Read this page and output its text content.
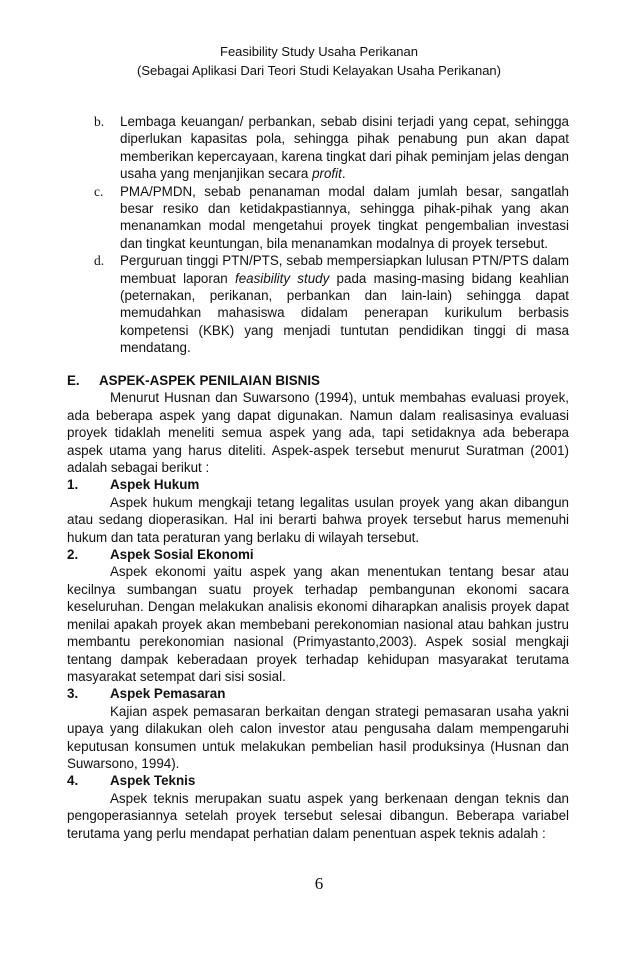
Feasibility Study Usaha Perikanan
(Sebagai Aplikasi Dari Teori Studi Kelayakan Usaha Perikanan)
b. Lembaga keuangan/ perbankan, sebab disini terjadi yang cepat, sehingga diperlukan kapasitas pola, sehingga pihak penabung pun akan dapat memberikan kepercayaan, karena tingkat dari pihak peminjam jelas dengan usaha yang menjanjikan secara profit.
c. PMA/PMDN, sebab penanaman modal dalam jumlah besar, sangatlah besar resiko dan ketidakpastiannya, sehingga pihak-pihak yang akan menanamkan modal mengetahui proyek tingkat pengembalian investasi dan tingkat keuntungan, bila menanamkan modalnya di proyek tersebut.
d. Perguruan tinggi PTN/PTS, sebab mempersiapkan lulusan PTN/PTS dalam membuat laporan feasibility study pada masing-masing bidang keahlian (peternakan, perikanan, perbankan dan lain-lain) sehingga dapat memudahkan mahasiswa didalam penerapan kurikulum berbasis kompetensi (KBK) yang menjadi tuntutan pendidikan tinggi di masa mendatang.
E. ASPEK-ASPEK PENILAIAN BISNIS

Menurut Husnan dan Suwarsono (1994), untuk membahas evaluasi proyek, ada beberapa aspek yang dapat digunakan. Namun dalam realisasinya evaluasi proyek tidaklah meneliti semua aspek yang ada, tapi setidaknya ada beberapa aspek utama yang harus diteliti. Aspek-aspek tersebut menurut Suratman (2001) adalah sebagai berikut :

1. Aspek Hukum

Aspek hukum mengkaji tetang legalitas usulan proyek yang akan dibangun atau sedang dioperasikan. Hal ini berarti bahwa proyek tersebut harus memenuhi hukum dan tata peraturan yang berlaku di wilayah tersebut.

2. Aspek Sosial Ekonomi

Aspek ekonomi yaitu aspek yang akan menentukan tentang besar atau kecilnya sumbangan suatu proyek terhadap pembangunan ekonomi sacara keseluruhan. Dengan melakukan analisis ekonomi diharapkan analisis proyek dapat menilai apakah proyek akan membebani perekonomian nasional atau bahkan justru membantu perekonomian nasional (Primyastanto,2003). Aspek sosial mengkaji tentang dampak keberadaan proyek terhadap kehidupan masyarakat terutama masyarakat setempat dari sisi sosial.

3. Aspek Pemasaran

Kajian aspek pemasaran berkaitan dengan strategi pemasaran usaha yakni upaya yang dilakukan oleh calon investor atau pengusaha dalam mempengaruhi keputusan konsumen untuk melakukan pembelian hasil produksinya (Husnan dan Suwarsono, 1994).

4. Aspek Teknis

Aspek teknis merupakan suatu aspek yang berkenaan dengan teknis dan pengoperasiannya setelah proyek tersebut selesai dibangun. Beberapa variabel terutama yang perlu mendapat perhatian dalam penentuan aspek teknis adalah :

6
